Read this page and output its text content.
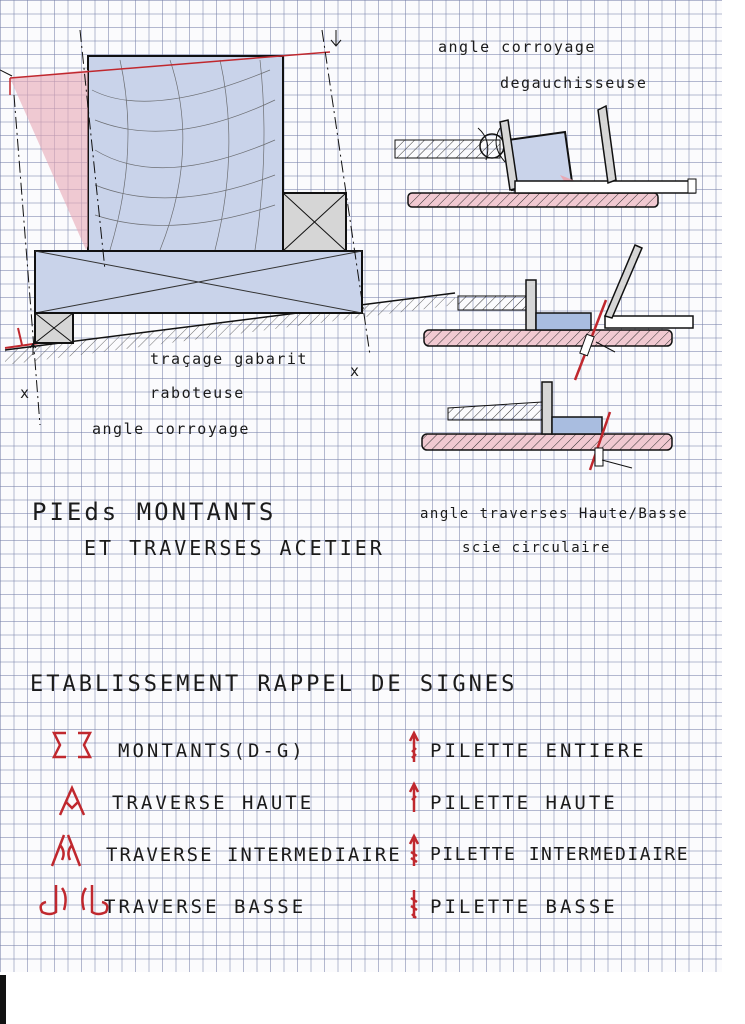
angle corroyage
degauchisseuse
x
x
traçage gabarit
raboteuse
angle corroyage
angle traverses Haute/Basse
scie circulaire
PIEds MONTANTS
ET TRAVERSES ACETIER
ETABLISSEMENT RAPPEL DE SIGNES
MONTANTS(D-G)
TRAVERSE HAUTE
TRAVERSE INTERMEDIAIRE
TRAVERSE BASSE
PILETTE ENTIERE
PILETTE HAUTE
PILETTE INTERMEDIAIRE
PILETTE BASSE
